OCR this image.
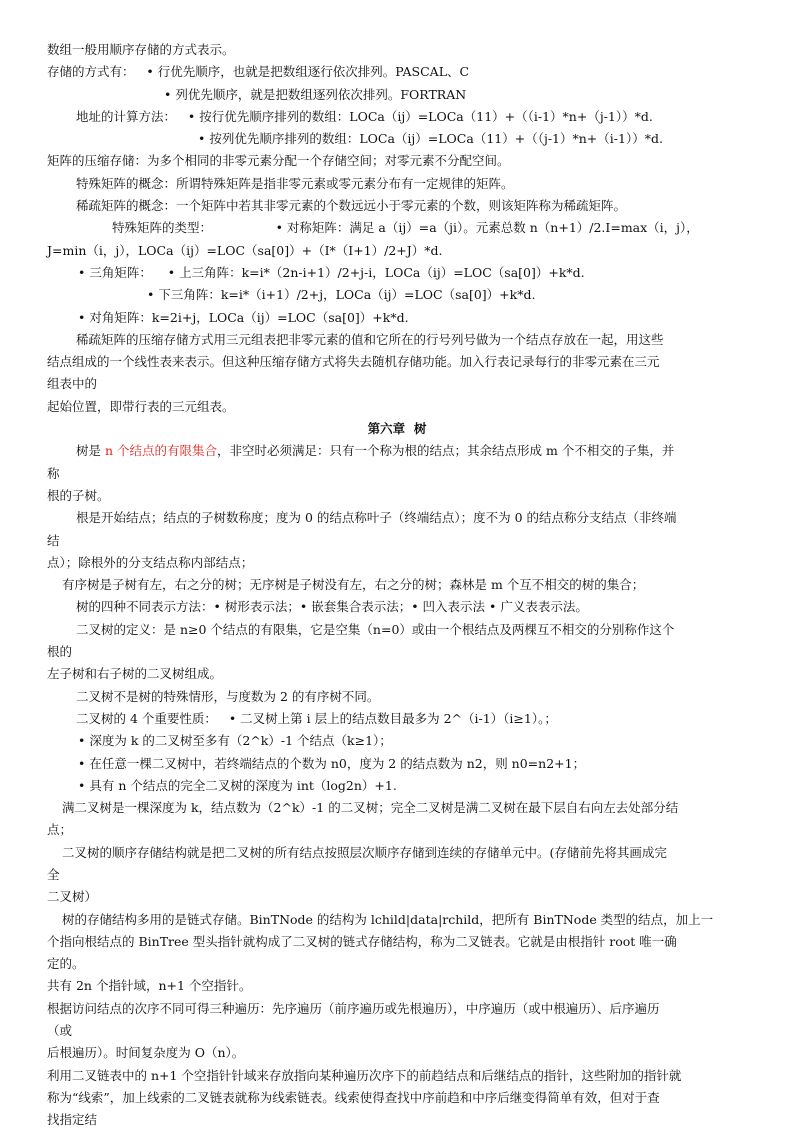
数组一般用顺序存储的方式表示。
存储的方式有：   • 行优先顺序，也就是把数组逐行依次排列。PASCAL、C
• 列优先顺序，就是把数组逐列依次排列。FORTRAN
地址的计算方法：   • 按行优先顺序排列的数组：LOCa（ij）=LOCa（11）+（（i-1）*n+（j-1））*d.
• 按列优先顺序排列的数组：LOCa（ij）=LOCa（11）+（（j-1）*n+（i-1））*d.
矩阵的压缩存储：为多个相同的非零元素分配一个存储空间；对零元素不分配空间。
特殊矩阵的概念：所谓特殊矩阵是指非零元素或零元素分布有一定规律的矩阵。
稀疏矩阵的概念：一个矩阵中若其非零元素的个数远远小于零元素的个数，则该矩阵称为稀疏矩阵。
特殊矩阵的类型：                • 对称矩阵：满足 a（ij）=a（ji）。元素总数 n（n+1）/2.I=max（i，j），
J=min（i，j），LOCa（ij）=LOC（sa[0]）+（I*（I+1）/2+J）*d.
• 三角矩阵：    • 上三角阵：k=i*（2n-i+1）/2+j-i，LOCa（ij）=LOC（sa[0]）+k*d.
• 下三角阵：k=i*（i+1）/2+j，LOCa（ij）=LOC（sa[0]）+k*d.
• 对角矩阵：k=2i+j，LOCa（ij）=LOC（sa[0]）+k*d.
稀疏矩阵的压缩存储方式用三元组表把非零元素的值和它所在的行号列号做为一个结点存放在一起，用这些
结点组成的一个线性表来表示。但这种压缩存储方式将失去随机存储功能。加入行表记录每行的非零元素在三元
组表中的
起始位置，即带行表的三元组表。
第六章  树
树是 n 个结点的有限集合，非空时必须满足：只有一个称为根的结点；其余结点形成 m 个不相交的子集，并
称
根的子树。
根是开始结点；结点的子树数称度；度为 0 的结点称叶子（终端结点）；度不为 0 的结点称分支结点（非终端
结
点）；除根外的分支结点称内部结点；
有序树是子树有左，右之分的树；无序树是子树没有左，右之分的树；森林是 m 个互不相交的树的集合；
树的四种不同表示方法：• 树形表示法；• 嵌套集合表示法；• 凹入表示法 • 广义表表示法。
二叉树的定义：是 n≥0 个结点的有限集，它是空集（n=0）或由一个根结点及两棵互不相交的分别称作这个
根的
左子树和右子树的二叉树组成。
二叉树不是树的特殊情形，与度数为 2 的有序树不同。
二叉树的 4 个重要性质：   • 二叉树上第 i 层上的结点数目最多为 2^（i-1）（i≥1）。；
• 深度为 k 的二叉树至多有（2^k）-1 个结点（k≥1）；
• 在任意一棵二叉树中，若终端结点的个数为 n0，度为 2 的结点数为 n2，则 n0=n2+1；
• 具有 n 个结点的完全二叉树的深度为 int（log2n）+1.
满二叉树是一棵深度为 k，结点数为（2^k）-1 的二叉树；完全二叉树是满二叉树在最下层自右向左去处部分结
点；
二叉树的顺序存储结构就是把二叉树的所有结点按照层次顺序存储到连续的存储单元中。(存储前先将其画成完
全
二叉树）
树的存储结构多用的是链式存储。BinTNode 的结构为 lchild|data|rchild，把所有 BinTNode 类型的结点，加上一
个指向根结点的 BinTree 型头指针就构成了二叉树的链式存储结构，称为二叉链表。它就是由根指针 root 唯一确
定的。
共有 2n 个指针域，n+1 个空指针。
根据访问结点的次序不同可得三种遍历：先序遍历（前序遍历或先根遍历），中序遍历（或中根遍历）、后序遍历
（或
后根遍历）。时间复杂度为 O（n）。
利用二叉链表中的 n+1 个空指针针域来存放指向某种遍历次序下的前趋结点和后继结点的指针，这些附加的指针就
称为“线索”，加上线索的二叉链表就称为线索链表。线索使得查找中序前趋和中序后继变得简单有效，但对于查
找指定结
